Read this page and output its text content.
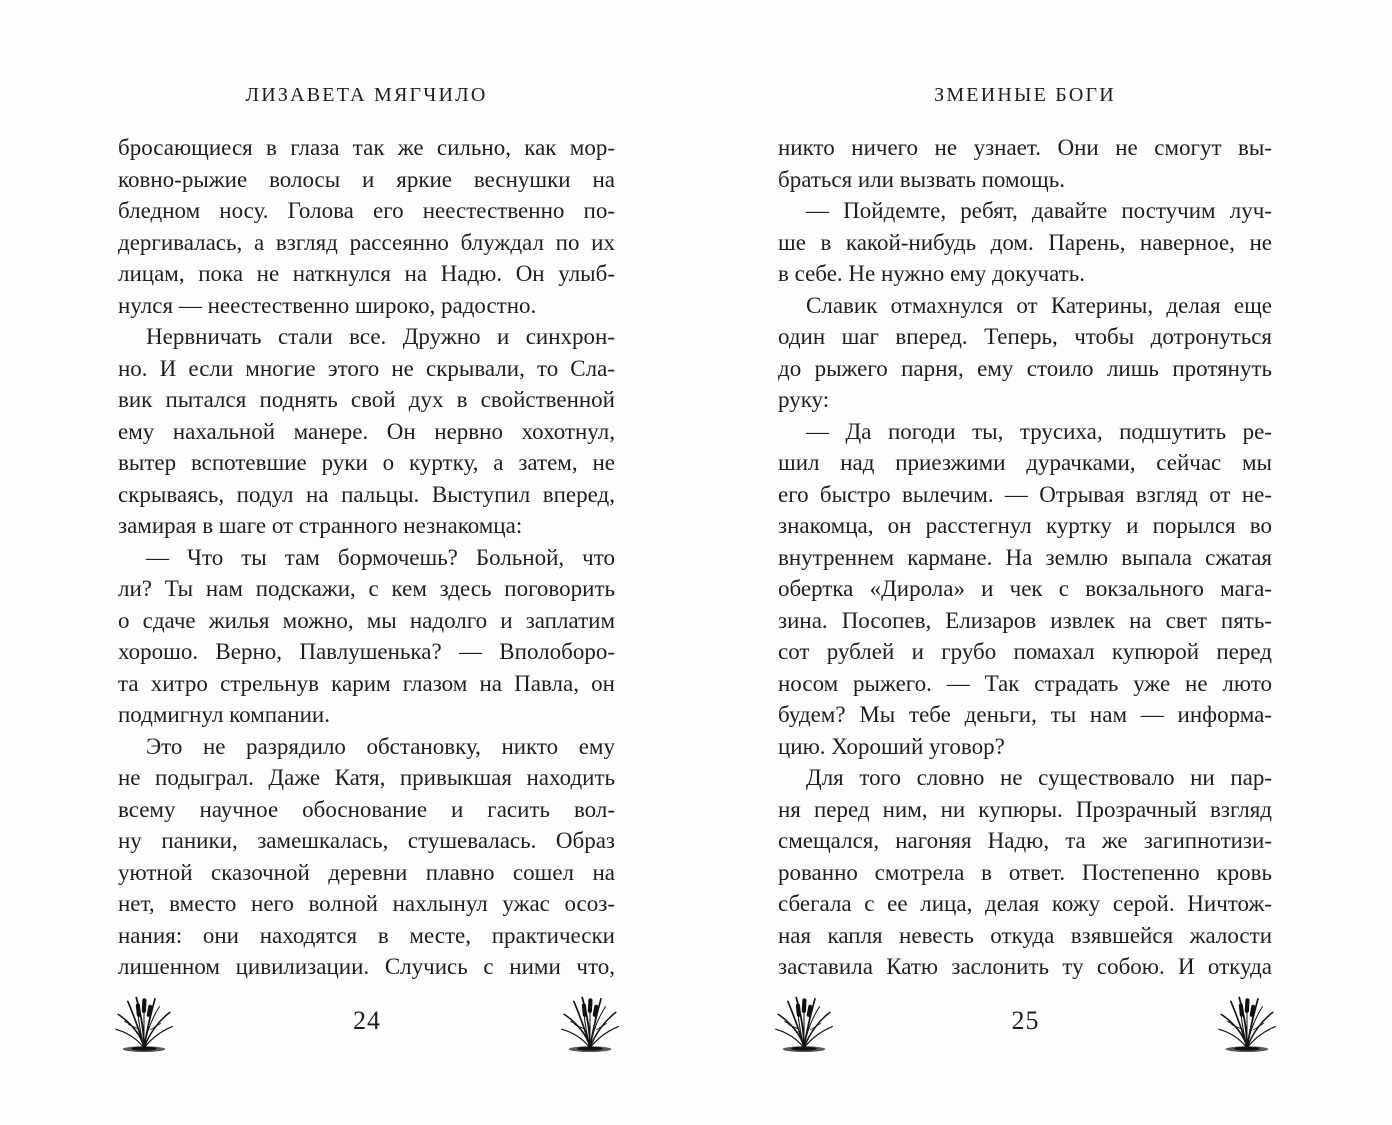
ЛИЗАВЕТА МЯГЧИЛО

бросающиеся в глаза так же сильно, как мор-
ковно-рыжие волосы и яркие веснушки на
бледном носу. Голова его неестественно по-
дергивалась, а взгляд рассеянно блуждал по их
лицам, пока не наткнулся на Надю. Он улыб-
нулся — неестественно широко, радостно.

Нервничать стали все. Дружно и синхрон-
но. И если многие этого не скрывали, то Сла-
вик пытался поднять свой дух в свойственной
ему нахальной манере. Он нервно хохотнул,
вытер вспотевшие руки о куртку, а затем, не
скрываясь, подул на пальцы. Выступил вперед,
замирая в шаге от странного незнакомца:

— Что ты там бормочешь? Больной, что
ли? Ты нам подскажи, с кем здесь поговорить
о сдаче жилья можно, мы надолго и заплатим
хорошо. Верно, Павлушенька? — Вполоборо-
та хитро стрельнув карим глазом на Павла, он
подмигнул компании.

Это не разрядило обстановку, никто ему
не подыграл. Даже Катя, привыкшая находить
всему научное обоснование и гасить вол-
ну паники, замешкалась, стушевалась. Образ
уютной сказочной деревни плавно сошел на
нет, вместо него волной нахлынул ужас осоз-
нания: они находятся в месте, практически
лишенном цивилизации. Случись с ними что,

24
ЗМЕИНЫЕ БОГИ

никто ничего не узнает. Они не смогут вы-
браться или вызвать помощь.

— Пойдемте, ребят, давайте постучим луч-
ше в какой-нибудь дом. Парень, наверное, не
в себе. Не нужно ему докучать.

Славик отмахнулся от Катерины, делая еще
один шаг вперед. Теперь, чтобы дотронуться
до рыжего парня, ему стоило лишь протянуть
руку:

— Да погоди ты, трусиха, подшутить ре-
шил над приезжими дурачками, сейчас мы
его быстро вылечим. — Отрывая взгляд от не-
знакомца, он расстегнул куртку и порылся во
внутреннем кармане. На землю выпала сжатая
обертка «Дирола» и чек с вокзального мага-
зина. Посопев, Елизаров извлек на свет пять-
сот рублей и грубо помахал купюрой перед
носом рыжего. — Так страдать уже не люто
будем? Мы тебе деньги, ты нам — информа-
цию. Хороший уговор?

Для того словно не существовало ни пар-
ня перед ним, ни купюры. Прозрачный взгляд
смещался, нагоняя Надю, та же загипнотизи-
рованно смотрела в ответ. Постепенно кровь
сбегала с ее лица, делая кожу серой. Ничтож-
ная капля невесть откуда взявшейся жалости
заставила Катю заслонить ту собою. И откуда

25
